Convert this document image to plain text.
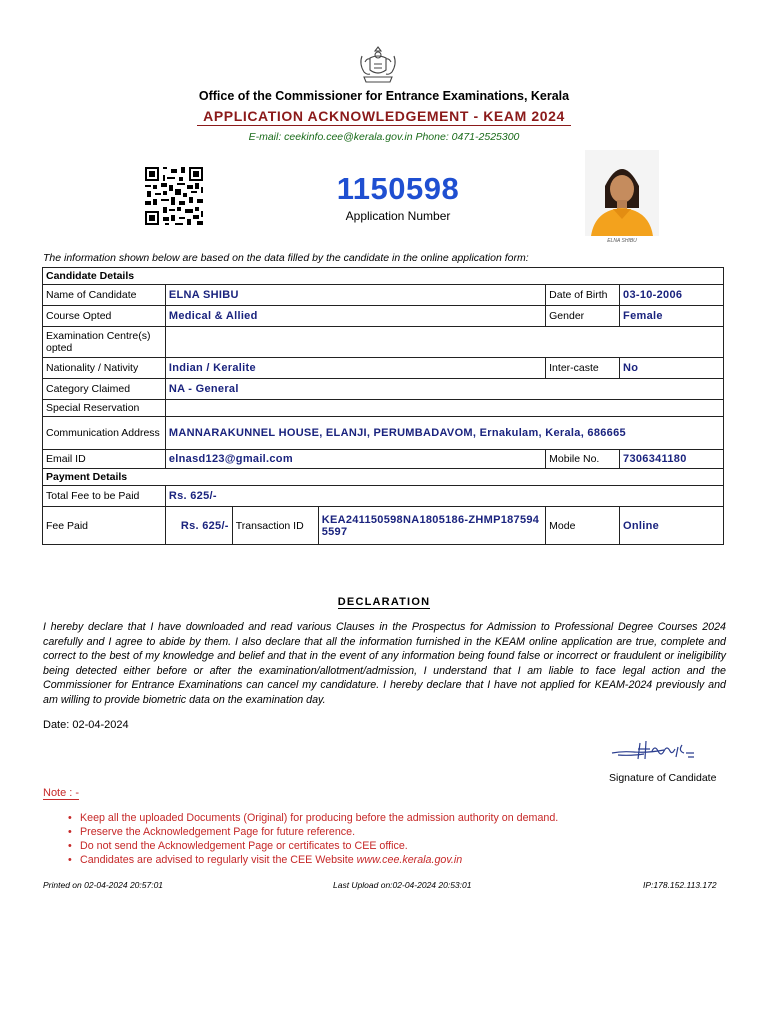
Office of the Commissioner for Entrance Examinations, Kerala
APPLICATION ACKNOWLEDGEMENT - KEAM 2024
E-mail: ceekinfo.cee@kerala.gov.in Phone: 0471-2525300
1150598
Application Number
ELNA SHIBU
The information shown below are based on the data filled by the candidate in the online application form:
Candidate Details					
Name of Candidate	ELNA SHIBU			Date of Birth	03-10-2006
Course Opted	Medical & Allied			Gender	Female
Examination Centre(s) opted					
Nationality / Nativity	Indian / Keralite			Inter-caste	No
Category Claimed	NA - General				
Special Reservation					
Communication Address	MANNARAKUNNEL HOUSE, ELANJI, PERUMBADAVOM, Ernakulam, Kerala, 686665				
Email ID	elnasd123@gmail.com			Mobile No.	7306341180
Payment Details					
Total Fee to be Paid	Rs. 625/-				
Fee Paid	Rs. 625/-	Transaction ID	KEA241150598NA1805186-ZHMP1875945597	Mode	Online
DECLARATION
I hereby declare that I have downloaded and read various Clauses in the Prospectus for Admission to Professional Degree Courses 2024 carefully and I agree to abide by them. I also declare that all the information furnished in the KEAM online application are true, complete and correct to the best of my knowledge and belief and that in the event of any information being found false or incorrect or fraudulent or ineligibility being detected either before or after the examination/allotment/admission, I understand that I am liable to face legal action and the Commissioner for Entrance Examinations can cancel my candidature. I hereby declare that I have not applied for KEAM-2024 previously and am willing to provide biometric data on the examination day.
Date: 02-04-2024
Signature of Candidate
Note : -
• Keep all the uploaded Documents (Original) for producing before the admission authority on demand.
• Preserve the Acknowledgement Page for future reference.
• Do not send the Acknowledgement Page or certificates to CEE office.
• Candidates are advised to regularly visit the CEE Website www.cee.kerala.gov.in
Printed on 02-04-2024 20:57:01	Last Upload on:02-04-2024 20:53:01	IP:178.152.113.172
